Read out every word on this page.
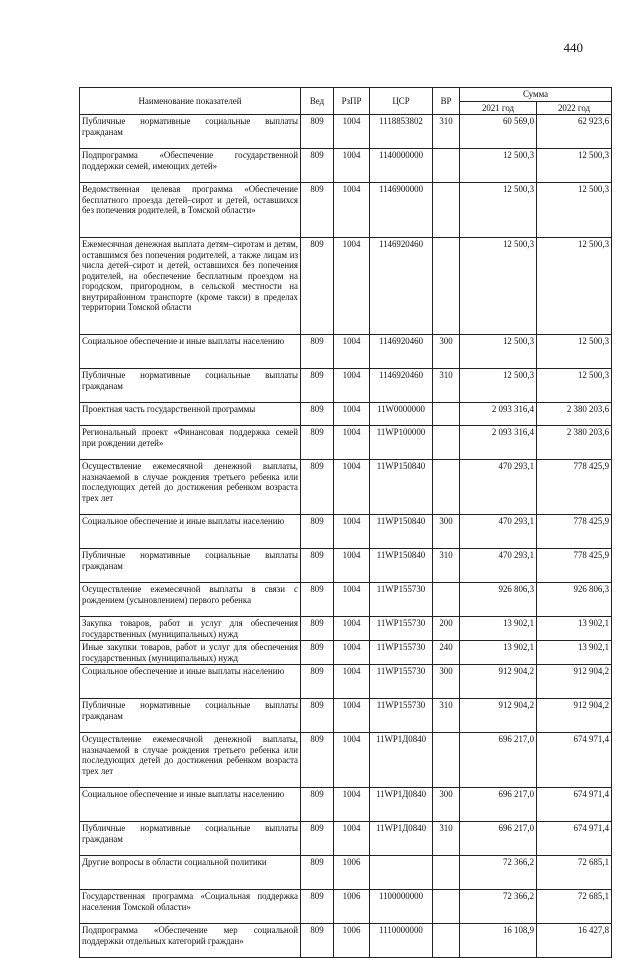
440
Наименование показателей	Вед	РзПР	ЦСР	ВР	Сумма	
					2021 год	2022 год
Публичные нормативные социальные выплаты гражданам	809	1004	1118853802	310	60 569,0	62 923,6
Подпрограмма «Обеспечение государственной поддержки семей, имеющих детей»	809	1004	1140000000		12 500,3	12 500,3
Ведомственная целевая программа «Обеспечение бесплатного проезда детей–сирот и детей, оставшихся без попечения родителей, в Томской области»	809	1004	1146900000		12 500,3	12 500,3
Ежемесячная денежная выплата детям–сиротам и детям, оставшимся без попечения родителей, а также лицам из числа детей–сирот и детей, оставшихся без попечения родителей, на обеспечение бесплатным проездом на городском, пригородном, в сельской местности на внутрирайонном транспорте (кроме такси) в пределах территории Томской области	809	1004	1146920460		12 500,3	12 500,3
Социальное обеспечение и иные выплаты населению	809	1004	1146920460	300	12 500,3	12 500,3
Публичные нормативные социальные выплаты гражданам	809	1004	1146920460	310	12 500,3	12 500,3
Проектная часть государственной программы	809	1004	11W0000000		2 093 316,4	2 380 203,6
Региональный проект «Финансовая поддержка семей при рождении детей»	809	1004	11WP100000		2 093 316,4	2 380 203,6
Осуществление ежемесячной денежной выплаты, назначаемой в случае рождения третьего ребенка или последующих детей до достижения ребенком возраста трех лет	809	1004	11WP150840		470 293,1	778 425,9
Социальное обеспечение и иные выплаты населению	809	1004	11WP150840	300	470 293,1	778 425,9
Публичные нормативные социальные выплаты гражданам	809	1004	11WP150840	310	470 293,1	778 425,9
Осуществление ежемесячной выплаты в связи с рождением (усыновлением) первого ребенка	809	1004	11WP155730		926 806,3	926 806,3
Закупка товаров, работ и услуг для обеспечения государственных (муниципальных) нужд	809	1004	11WP155730	200	13 902,1	13 902,1
Иные закупки товаров, работ и услуг для обеспечения государственных (муниципальных) нужд	809	1004	11WP155730	240	13 902,1	13 902,1
Социальное обеспечение и иные выплаты населению	809	1004	11WP155730	300	912 904,2	912 904,2
Публичные нормативные социальные выплаты гражданам	809	1004	11WP155730	310	912 904,2	912 904,2
Осуществление ежемесячной денежной выплаты, назначаемой в случае рождения третьего ребенка или последующих детей до достижения ребенком возраста трех лет	809	1004	11WP1Д0840		696 217,0	674 971,4
Социальное обеспечение и иные выплаты населению	809	1004	11WP1Д0840	300	696 217,0	674 971,4
Публичные нормативные социальные выплаты гражданам	809	1004	11WP1Д0840	310	696 217,0	674 971,4
Другие вопросы в области социальной политики	809	1006			72 366,2	72 685,1
Государственная программа «Социальная поддержка населения Томской области»	809	1006	1100000000		72 366,2	72 685,1
Подпрограмма «Обеспечение мер социальной поддержки отдельных категорий граждан»	809	1006	1110000000		16 108,9	16 427,8
